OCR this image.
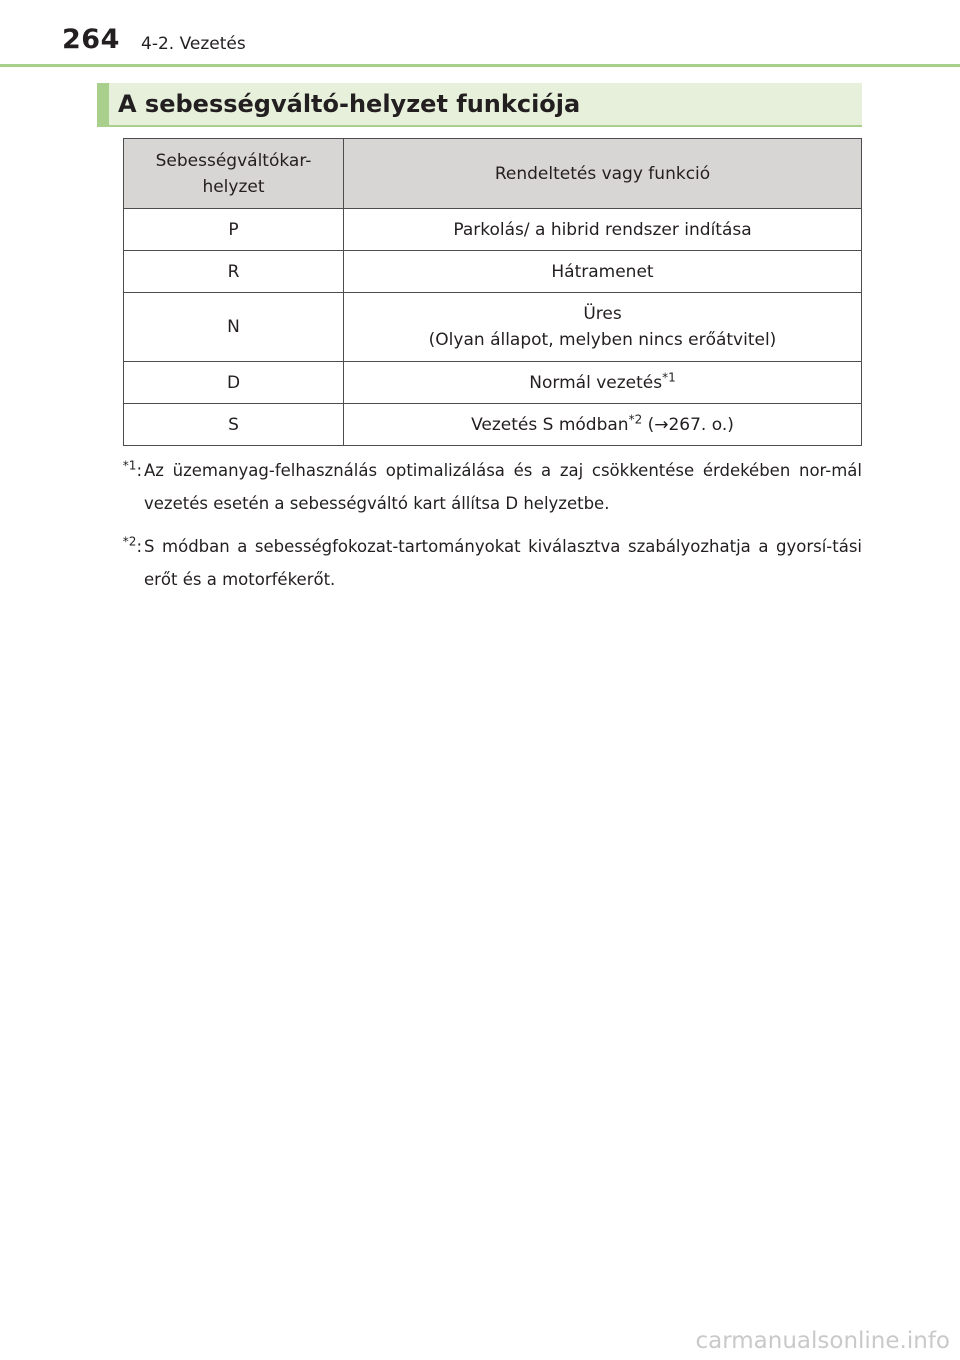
264 4-2. Vezetés
A sebességváltó-helyzet funkciója
Sebességváltókar-
helyzet	Rendeltetés vagy funkció
P	Parkolás/ a hibrid rendszer indítása
R	Hátramenet
N	Üres
(Olyan állapot, melyben nincs erőátvitel)
D	Normál vezetés$^{*1}$
S	Vezetés S módban$^{*2}$ (→267. o.)
$^{*1}$: Az üzemanyag-felhasználás optimalizálása és a zaj csökkentése érdekében nor-mál vezetés esetén a sebességváltó kart állítsa D helyzetbe.
$^{*2}$: S módban a sebességfokozat-tartományokat kiválasztva szabályozhatja a gyorsí-tási erőt és a motorfékerőt.
carmanualsonline.info
